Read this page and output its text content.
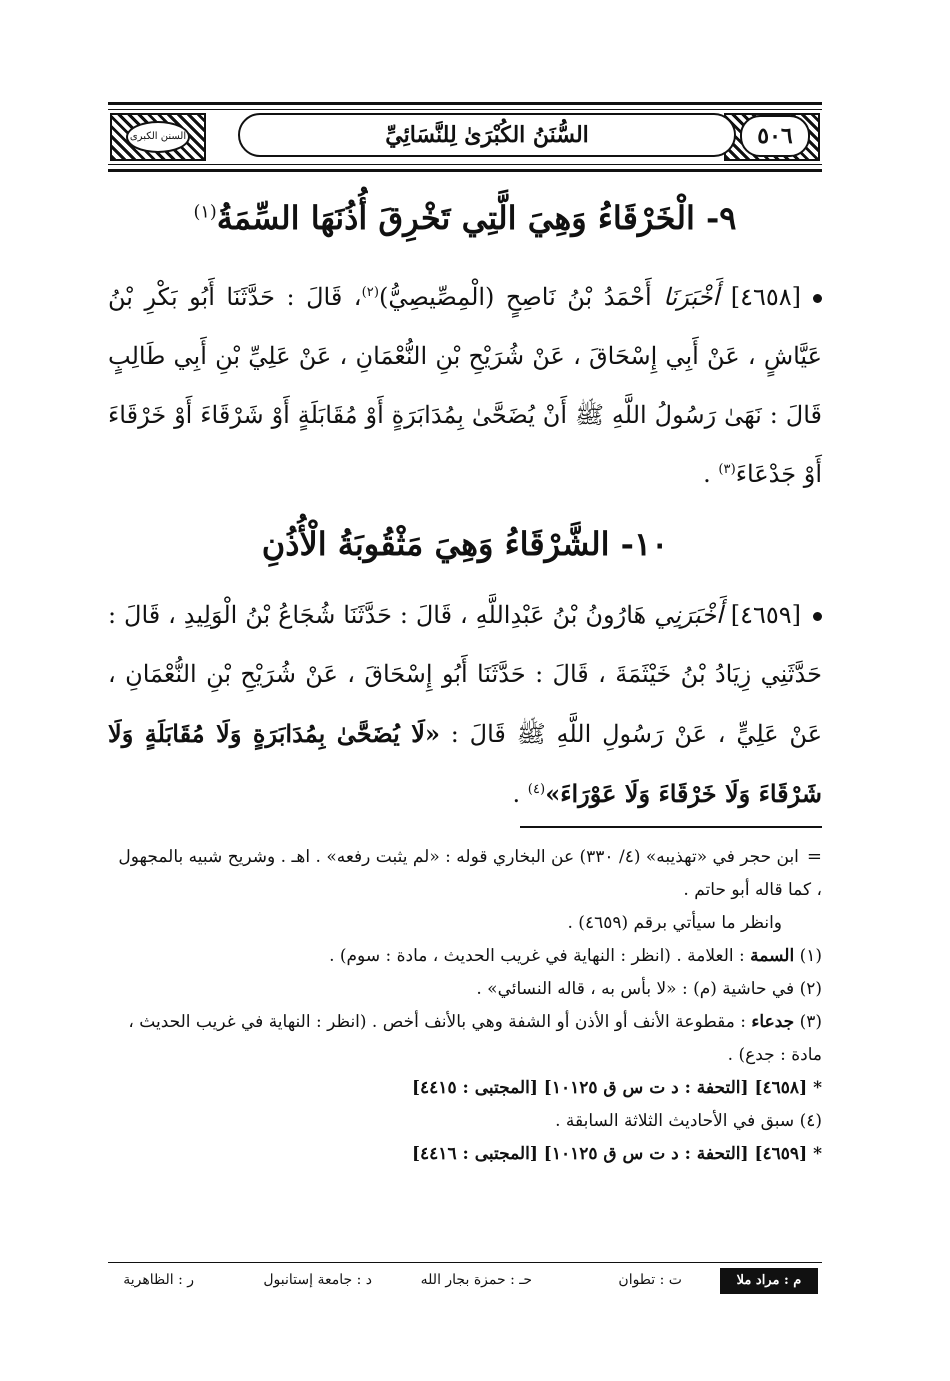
السنن الكبرى	السُّنَنُ الكُبْرَىٰ لِلنَّسَائِيِّ	٥٠٦
٩- الْخَرْقَاءُ وَهِيَ الَّتِي تَخْرِقَ أُذُنَهَا السِّمَةُ$^{(١)}$
[٤٦٥٨] أَخْبَرَنَا أَحْمَدُ بْنُ نَاصِحٍ (الْمِصِّيصِيُّ)$^{(٢)}$، قَالَ : حَدَّثَنَا أَبُو بَكْرِ بْنُ عَيَّاشٍ ، عَنْ أَبِي إِسْحَاقَ ، عَنْ شُرَيْحِ بْنِ النُّعْمَانِ ، عَنْ عَلِيِّ بْنِ أَبِي طَالِبٍ قَالَ : نَهَىٰ رَسُولُ اللَّهِ ﷺ أَنْ يُضَحَّىٰ بِمُدَابَرَةٍ أَوْ مُقَابَلَةٍ أَوْ شَرْقَاءَ أَوْ خَرْقَاءَ أَوْ جَدْعَاءَ$^{(٣)}$ .
١٠- الشَّرْقَاءُ وَهِيَ مَثْقُوبَةُ الْأُذُنِ
[٤٦٥٩] أَخْبَرَنِي هَارُونُ بْنُ عَبْدِاللَّهِ ، قَالَ : حَدَّثَنَا شُجَاعُ بْنُ الْوَلِيدِ ، قَالَ : حَدَّثَنِي زِيَادُ بْنُ خَيْثَمَةَ ، قَالَ : حَدَّثَنَا أَبُو إِسْحَاقَ ، عَنْ شُرَيْحِ بْنِ النُّعْمَانِ ، عَنْ عَلِيٍّ ، عَنْ رَسُولِ اللَّهِ ﷺ قَالَ : «لَا يُضَحَّىٰ بِمُدَابَرَةٍ وَلَا مُقَابَلَةٍ وَلَا شَرْقَاءَ وَلَا خَرْقَاءَ وَلَا عَوْرَاءَ»$^{(٤)}$ .

=ابن حجر في «تهذيبه» (٤/ ٣٣٠) عن البخاري قوله : «لم يثبت رفعه» . اهـ . وشريح شبيه بالمجهول ، كما قاله أبو حاتم .

وانظر ما سيأتي برقم (٤٦٥٩) .

(١) السمة : العلامة . (انظر : النهاية في غريب الحديث ، مادة : سوم) .

(٢) في حاشية (م) : «لا بأس به ، قاله النسائي» .

(٣) جدعاء : مقطوعة الأنف أو الأذن أو الشفة وهي بالأنف أخص . (انظر : النهاية في غريب الحديث ، مادة : جدع) .

*[٤٦٥٨] [التحفة : د ت س ق ١٠١٢٥] [المجتبى : ٤٤١٥]

(٤) سبق في الأحاديث الثلاثة السابقة .

*[٤٦٥٩] [التحفة : د ت س ق ١٠١٢٥] [المجتبى : ٤٤١٦]

م : مراد ملا
ت : تطوان
حـ : حمزة بجار الله
د : جامعة إستانبول
ر : الظاهرية
